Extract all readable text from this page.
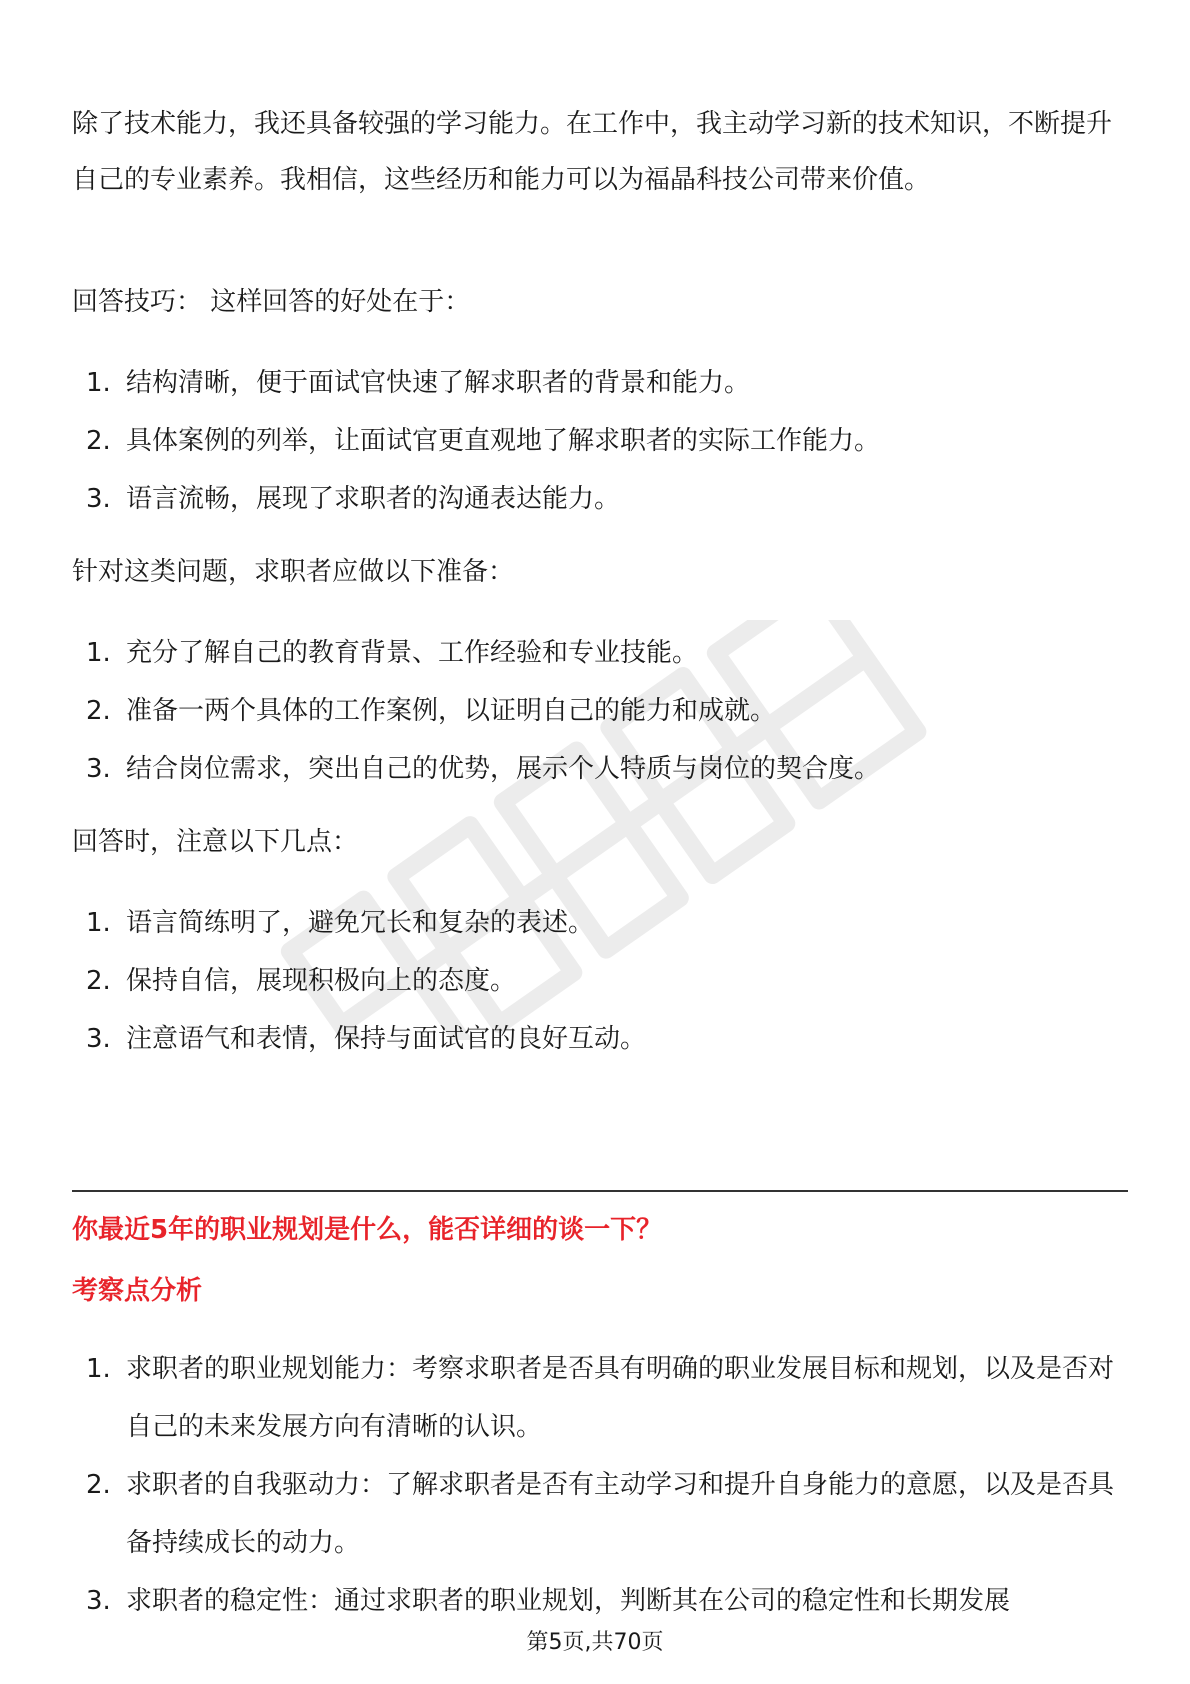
除了技术能力，我还具备较强的学习能力。在工作中，我主动学习新的技术知识，不断提升自己的专业素养。我相信，这些经历和能力可以为福晶科技公司带来价值。

回答技巧： 这样回答的好处在于：

1. 结构清晰，便于面试官快速了解求职者的背景和能力。
2. 具体案例的列举，让面试官更直观地了解求职者的实际工作能力。
3. 语言流畅，展现了求职者的沟通表达能力。

针对这类问题，求职者应做以下准备：

1. 充分了解自己的教育背景、工作经验和专业技能。
2. 准备一两个具体的工作案例，以证明自己的能力和成就。
3. 结合岗位需求，突出自己的优势，展示个人特质与岗位的契合度。

回答时，注意以下几点：

1. 语言简练明了，避免冗长和复杂的表述。
2. 保持自信，展现积极向上的态度。
3. 注意语气和表情，保持与面试官的良好互动。

你最近5年的职业规划是什么，能否详细的谈一下？

考察点分析

1. 求职者的职业规划能力：考察求职者是否具有明确的职业发展目标和规划，以及是否对自己的未来发展方向有清晰的认识。
2. 求职者的自我驱动力：了解求职者是否有主动学习和提升自身能力的意愿，以及是否具备持续成长的动力。
3. 求职者的稳定性：通过求职者的职业规划，判断其在公司的稳定性和长期发展
第5页,共70页
